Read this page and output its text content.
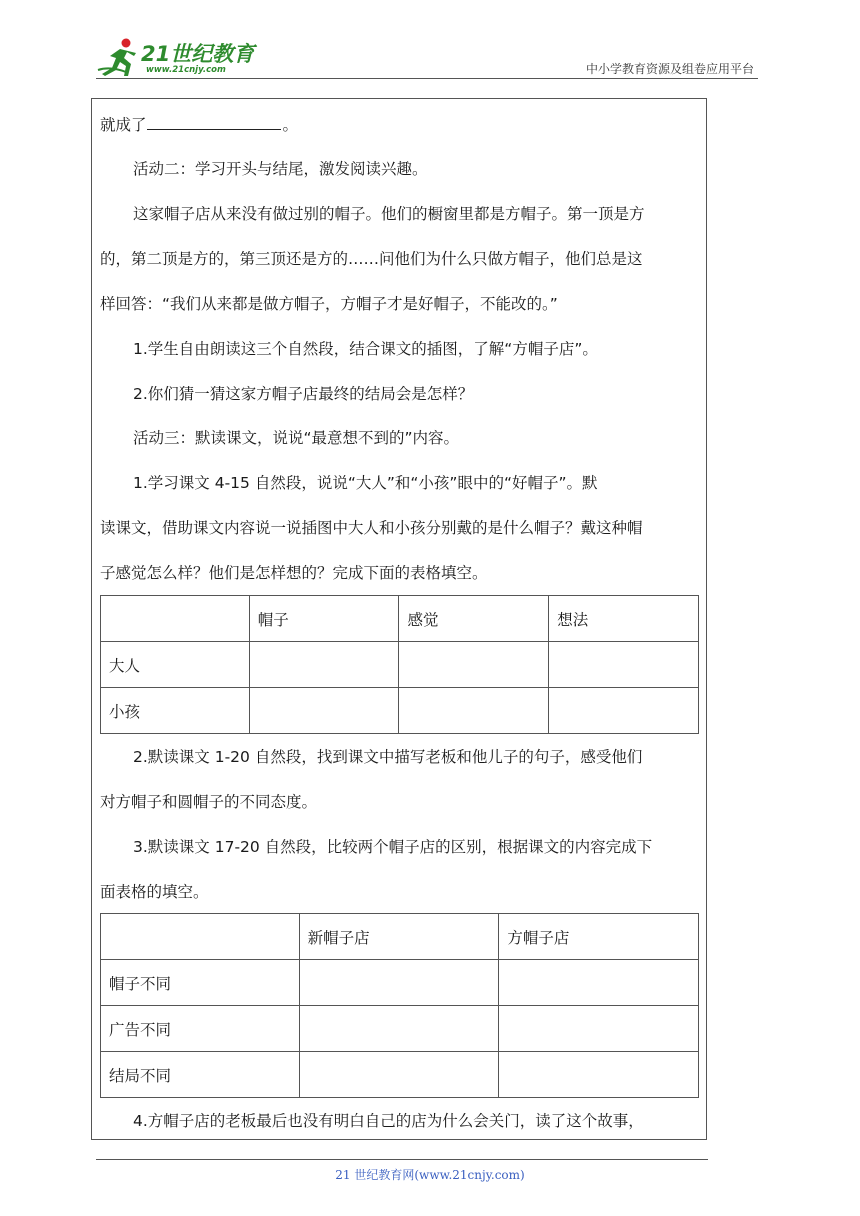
21世纪教育
www.21cnjy.com	中小学教育资源及组卷应用平台
就成了	。
活动二：学习开头与结尾，激发阅读兴趣。
这家帽子店从来没有做过别的帽子。他们的橱窗里都是方帽子。第一顶是方
的，第二顶是方的，第三顶还是方的……问他们为什么只做方帽子，他们总是这
样回答：“我们从来都是做方帽子，方帽子才是好帽子，不能改的。”
1.学生自由朗读这三个自然段，结合课文的插图，了解“方帽子店”。
2.你们猜一猜这家方帽子店最终的结局会是怎样？
活动三：默读课文，说说“最意想不到的”内容。
1.学习课文 4-15 自然段，说说“大人”和“小孩”眼中的“好帽子”。默
读课文，借助课文内容说一说插图中大人和小孩分别戴的是什么帽子？戴这种帽
子感觉怎么样？他们是怎样想的？完成下面的表格填空。
	帽子	感觉	想法
大人			
小孩			
2.默读课文 1-20 自然段，找到课文中描写老板和他儿子的句子，感受他们
对方帽子和圆帽子的不同态度。
3.默读课文 17-20 自然段，比较两个帽子店的区别，根据课文的内容完成下
面表格的填空。
	新帽子店	方帽子店
帽子不同		
广告不同		
结局不同		
4.方帽子店的老板最后也没有明白自己的店为什么会关门，读了这个故事，
21 世纪教育网(www.21cnjy.com)
